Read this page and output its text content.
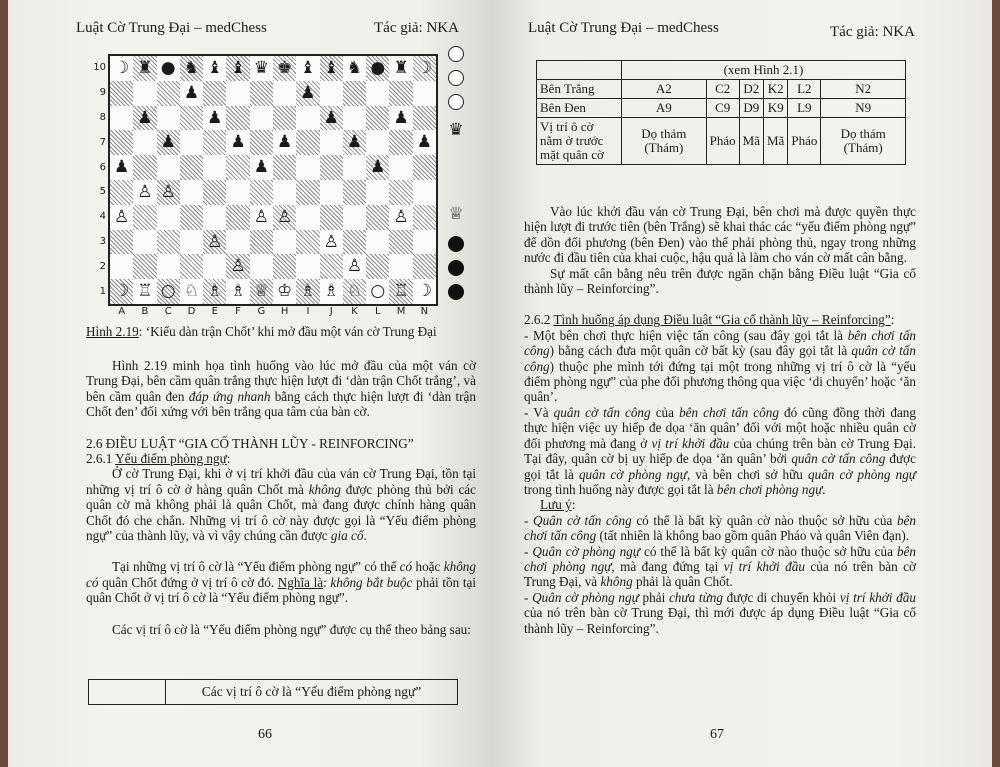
Luật Cờ Trung Đại – medChess	Tác giả: NKA
10
9
8
7
6
5
4
3
2
1
A	B	C	D	E	F	G	H	I	J	K	L	M	N
☽ ♜ ● ♞ ♝ ♝ ♛ ♚ ♝ ♝ ♞ ● ♜ ☽
♟	♟
♟	♟	♟	♟
♟	♟ ♟	♟	♟
♟	♟	♟
♙ ♙
♙	♙ ♙	♙
♙	♙
♙	♙
☽ ♖ ○ ♘ ♗ ♗ ♕ ♔ ♗ ♗ ♘ ○ ♖ ☽
♛
♕
Hình 2.19: ‘Kiểu dàn trận Chốt’ khi mở đầu một ván cờ Trung Đại

Hình 2.19 minh họa tình huống vào lúc mở đầu của một ván cờ Trung Đại, bên cầm quân trắng thực hiện lượt đi ‘dàn trận Chốt trắng’, và bên cầm quân đen đáp ứng nhanh bằng cách thực hiện lượt đi ‘dàn trận Chốt đen’ đối xứng với bên trắng qua tâm của bàn cờ.

2.6 ĐIỀU LUẬT “GIA CỐ THÀNH LŨY - REINFORCING”

2.6.1 Yếu điểm phòng ngự:

Ở cờ Trung Đại, khi ở vị trí khởi đầu của ván cờ Trung Đại, tồn tại những vị trí ô cờ ở hàng quân Chốt mà không được phòng thủ bởi các quân cờ mà không phải là quân Chốt, mà đang được chính hàng quân Chốt đó che chắn. Những vị trí ô cờ này được gọi là “Yếu điểm phòng ngự” của thành lũy, và vì vậy chúng cần được gia cố.

Tại những vị trí ô cờ là “Yếu điểm phòng ngự” có thể có hoặc không có quân Chốt đứng ở vị trí ô cờ đó. Nghĩa là: không bắt buộc phải tồn tại quân Chốt ở vị trí ô cờ là “Yếu điểm phòng ngự”.

Các vị trí ô cờ là “Yếu điểm phòng ngự” được cụ thể theo bảng sau:

	Các vị trí ô cờ là “Yếu điểm phòng ngự”
66
Luật Cờ Trung Đại – medChess	Tác giả: NKA
	(xem Hình 2.1)					
Bên Trắng	A2	C2	D2	K2	L2	N2
Bên Đen	A9	C9	D9	K9	L9	N9
Vị trí ô cờ nằm ở trước mặt quân cờ	Dọ thám (Thám)	Pháo	Mã	Mã	Pháo	Dọ thám (Thám)

Vào lúc khởi đầu ván cờ Trung Đại, bên chơi mà được quyền thực hiện lượt đi trước tiên (bên Trắng) sẽ khai thác các “yếu điểm phòng ngự” để dồn đối phương (bên Đen) vào thế phải phòng thủ, ngay trong những nước đi đầu tiên của khai cuộc, hậu quả là làm cho ván cờ mất cân bằng.

Sự mất cân bằng nêu trên được ngăn chặn bằng Điều luật “Gia cố thành lũy – Reinforcing”.

2.6.2 Tình huống áp dụng Điều luật “Gia cố thành lũy – Reinforcing”:

- Một bên chơi thực hiện việc tấn công (sau đây gọi tắt là bên chơi tấn công) bằng cách đưa một quân cờ bất kỳ (sau đây gọi tắt là quân cờ tấn công) thuộc phe mình tới đứng tại một trong những vị trí ô cờ là “yếu điểm phòng ngự” của phe đối phương thông qua việc ‘di chuyển’ hoặc ‘ăn quân’.

- Và quân cờ tấn công của bên chơi tấn công đó cũng đồng thời đang thực hiện việc uy hiếp đe dọa ‘ăn quân’ đối với một hoặc nhiều quân cờ đối phương mà đang ở vị trí khởi đầu của chúng trên bàn cờ Trung Đại. Tại đây, quân cờ bị uy hiếp đe dọa ‘ăn quân’ bởi quân cờ tấn công được gọi tắt là quân cờ phòng ngự, và bên chơi sở hữu quân cờ phòng ngự trong tình huống này được gọi tắt là bên chơi phòng ngự.

Lưu ý:

- Quân cờ tấn công có thể là bất kỳ quân cờ nào thuộc sở hữu của bên chơi tấn công (tất nhiên là không bao gồm quân Pháo và quân Viên đạn).

- Quân cờ phòng ngự có thể là bất kỳ quân cờ nào thuộc sở hữu của bên chơi phòng ngự, mà đang đứng tại vị trí khởi đầu của nó trên bàn cờ Trung Đại, và không phải là quân Chốt.

- Quân cờ phòng ngự phải chưa từng được di chuyển khỏi vị trí khởi đầu của nó trên bàn cờ Trung Đại, thì mới được áp dụng Điều luật “Gia cố thành lũy – Reinforcing”.

67
